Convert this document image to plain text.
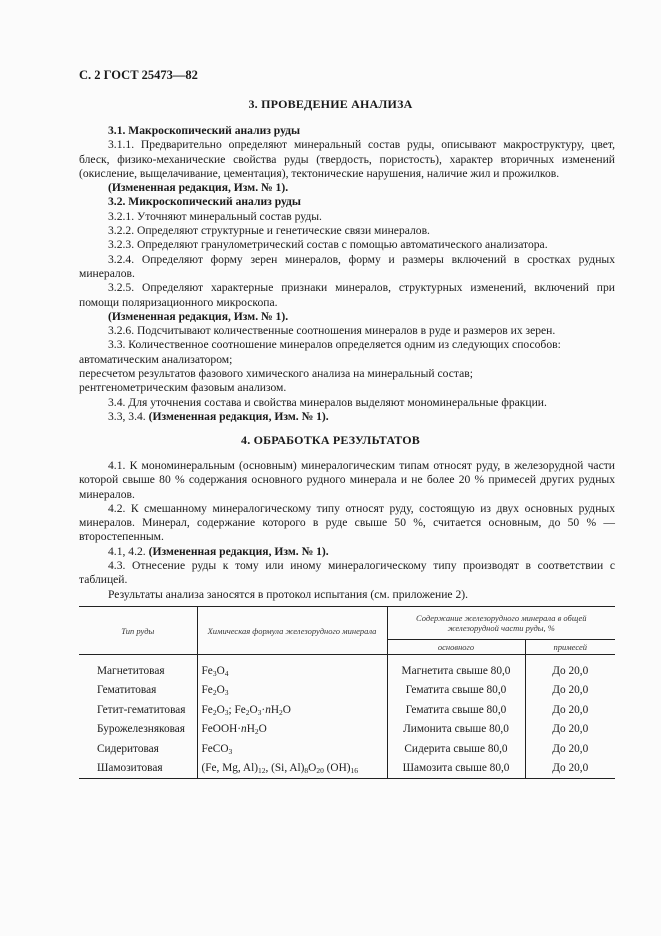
С. 2 ГОСТ 25473—82
3. ПРОВЕДЕНИЕ АНАЛИЗА

3.1. Макроскопический анализ руды

3.1.1. Предварительно определяют минеральный состав руды, описывают макроструктуру, цвет, блеск, физико-механические свойства руды (твердость, пористость), характер вторичных изменений (окисление, выщелачивание, цементация), тектонические нарушения, наличие жил и прожилков.

(Измененная редакция, Изм. № 1).

3.2. Микроскопический анализ руды

3.2.1. Уточняют минеральный состав руды.

3.2.2. Определяют структурные и генетические связи минералов.

3.2.3. Определяют гранулометрический состав с помощью автоматического анализатора.

3.2.4. Определяют форму зерен минералов, форму и размеры включений в сростках рудных минералов.

3.2.5. Определяют характерные признаки минералов, структурных изменений, включений при помощи поляризационного микроскопа.

(Измененная редакция, Изм. № 1).

3.2.6. Подсчитывают количественные соотношения минералов в руде и размеров их зерен.

3.3. Количественное соотношение минералов определяется одним из следующих способов:

автоматическим анализатором;

пересчетом результатов фазового химического анализа на минеральный состав;

рентгенометрическим фазовым анализом.

3.4. Для уточнения состава и свойства минералов выделяют мономинеральные фракции.

3.3, 3.4. (Измененная редакция, Изм. № 1).

4. ОБРАБОТКА РЕЗУЛЬТАТОВ

4.1. К мономинеральным (основным) минералогическим типам относят руду, в железорудной части которой свыше 80 % содержания основного рудного минерала и не более 20 % примесей других рудных минералов.

4.2. К смешанному минералогическому типу относят руду, состоящую из двух основных рудных минералов. Минерал, содержание которого в руде свыше 50 %, считается основным, до 50 % — второстепенным.

4.1, 4.2. (Измененная редакция, Изм. № 1).

4.3. Отнесение руды к тому или иному минералогическому типу производят в соответствии с таблицей.

Результаты анализа заносятся в протокол испытания (см. приложение 2).

Тип руды	Химическая формула железорудного минерала	Содержание железорудного минерала в общей железорудной части руды, %	
		основного	примесей
Магнетитовая	$Fe_3O_4$	Магнетита свыше 80,0	До 20,0
Гематитовая	$Fe_2O_3$	Гематита свыше 80,0	До 20,0
Гетит-гематитовая	$Fe_2O_3$; $Fe_2O_3\cdot nH_2O$	Гематита свыше 80,0	До 20,0
Бурожелезняковая	$FeOOH\cdot nH_2O$	Лимонита свыше 80,0	До 20,0
Сидеритовая	FeCO$_3$	Сидерита свыше 80,0	До 20,0
Шамозитовая	(Fe, Mg, $Al)_{12}$, (Si, $Al)_8O_{20}$ $(OH)_{16}$	Шамозита свыше 80,0	До 20,0
